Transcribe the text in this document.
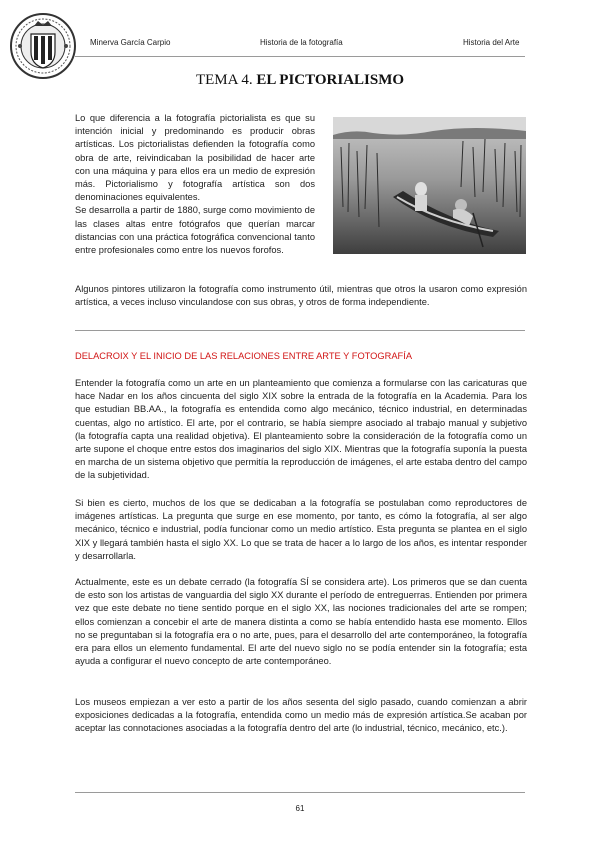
Minerva García Carpio	Historia de la fotografía	Historia del Arte
TEMA 4. EL PICTORIALISMO

Lo que diferencia a la fotografía pictorialista es que su intención inicial y predominando es producir obras artísticas. Los pictorialistas defienden la fotografía como obra de arte, reivindicaban la posibilidad de hacer arte con una máquina y para ellos era un medio de expresión más. Pictorialismo y fotografía artística son dos denominaciones equivalentes.

Se desarrolla a partir de 1880, surge como movimiento de las clases altas entre fotógrafos que querían marcar distancias con una práctica fotográfica convencional tanto entre profesionales como entre los nuevos forofos.

Algunos pintores utilizaron la fotografía como instrumento útil, mientras que otros la usaron como expresión artística, a veces incluso vinculandose con sus obras, y otros de forma independiente.

DELACROIX Y EL INICIO DE LAS RELACIONES ENTRE ARTE Y FOTOGRAFÍA

Entender la fotografía como un arte en un planteamiento que comienza a formularse con las caricaturas que hace Nadar en los años cincuenta del siglo XIX sobre la entrada de la fotografía en la Academia. Para los que estudian BB.AA., la fotografía es entendida como algo mecánico, técnico industrial, en determinadas cuentas, algo no artístico. El arte, por el contrario, se había siempre asociado al trabajo manual y subjetivo (la fotografía capta una realidad objetiva). El planteamiento sobre la consideración de la fotografía como un arte supone el choque entre estos dos imaginarios del siglo XIX. Mientras que la fotografía suponía la puesta en marcha de un sistema objetivo que permitía la reproducción de imágenes, el arte estaba dentro del campo de la subjetividad.

Si bien es cierto, muchos de los que se dedicaban a la fotografía se postulaban como reproductores de imágenes artísticas. La pregunta que surge en ese momento, por tanto, es cómo la fotografía, al ser algo mecánico, técnico e industrial, podía funcionar como un medio artístico. Esta pregunta se plantea en el siglo XIX y llegará también hasta el siglo XX. Lo que se trata de hacer a lo largo de los años, es intentar responder y desarrollarla.

Actualmente, este es un debate cerrado (la fotografía SÍ se considera arte). Los primeros que se dan cuenta de esto son los artistas de vanguardia del siglo XX durante el período de entreguerras. Entienden por primera vez que este debate no tiene sentido porque en el siglo XX, las nociones tradicionales del arte se rompen; ellos comienzan a concebir el arte de manera distinta a como se había entendido hasta ese momento. Ellos no se preguntaban si la fotografía era o no arte, pues, para el desarrollo del arte contemporáneo, la fotografía era para ellos un elemento fundamental. El arte del nuevo siglo no se podía entender sin la fotografía; esta ayuda a configurar el nuevo concepto de arte contemporáneo.

Los museos empiezan a ver esto a partir de los años sesenta del siglo pasado, cuando comienzan a abrir exposiciones dedicadas a la fotografía, entendida como un medio más de expresión artística.Se acaban por aceptar las connotaciones asociadas a la fotografía dentro del arte (lo industrial, técnico, mecánico, etc.).

61
